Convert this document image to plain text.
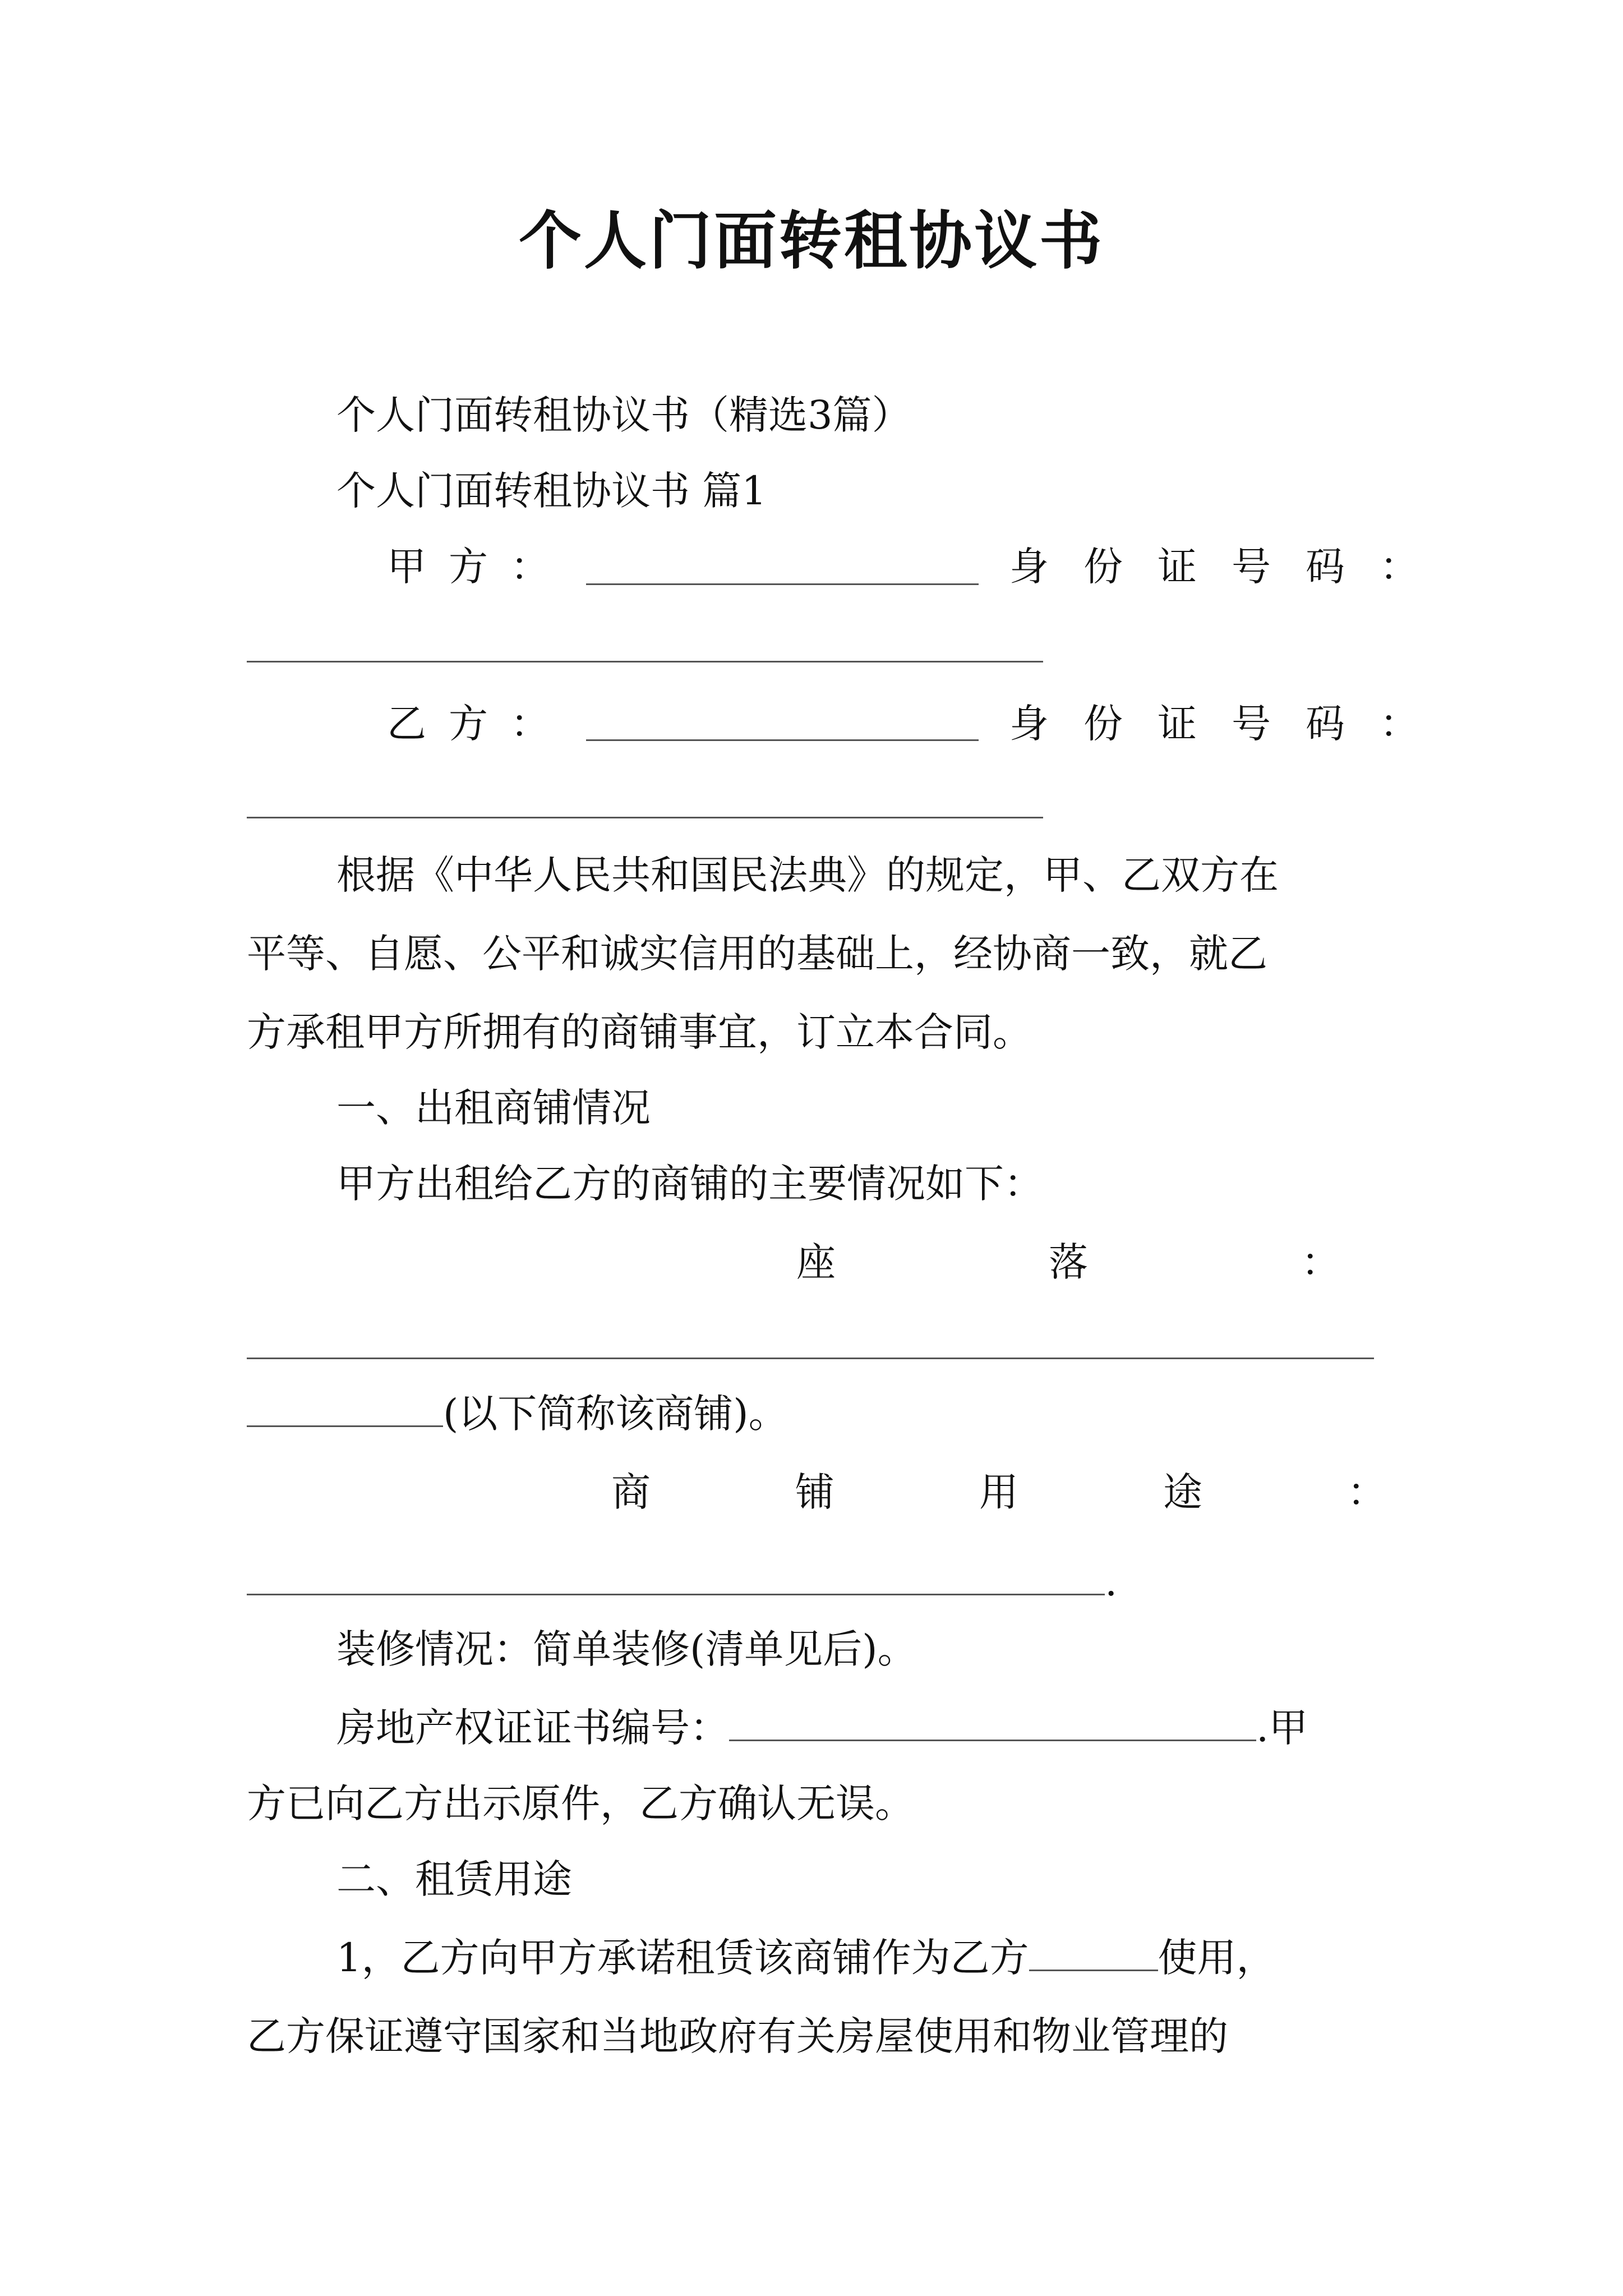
个人门面转租协议书
个人门面转租协议书（精选3篇）
个人门面转租协议书 篇1
甲方：	身份证号码：
乙方：	身份证号码：
根据《中华人民共和国民法典》的规定，甲、乙双方在
平等、自愿、公平和诚实信用的基础上，经协商一致，就乙
方承租甲方所拥有的商铺事宜，订立本合同。
一、出租商铺情况
甲方出租给乙方的商铺的主要情况如下：
座落：
(以下简称该商铺)。
商铺用途：
.
装修情况：简单装修(清单见后)。
房地产权证证书编号：	.甲
方已向乙方出示原件，乙方确认无误。
二、租赁用途
1，乙方向甲方承诺租赁该商铺作为乙方	使用，
乙方保证遵守国家和当地政府有关房屋使用和物业管理的
